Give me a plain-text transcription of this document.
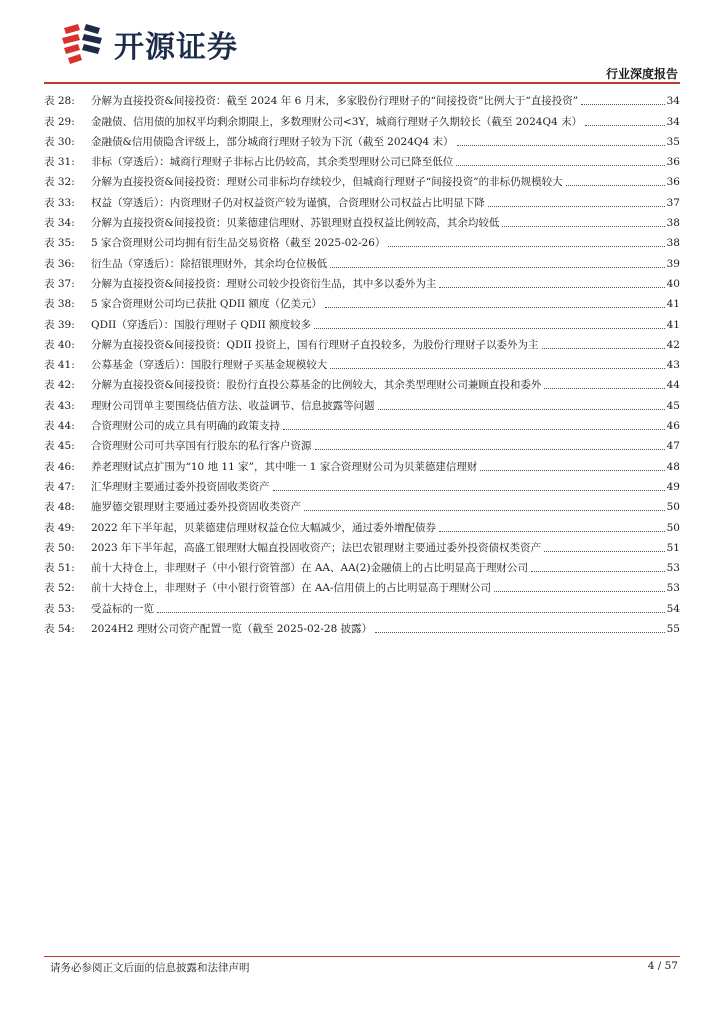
开源证券
行业深度报告
表 28:	分解为直接投资&间接投资：截至 2024 年 6 月末，多家股份行理财子的“间接投资”比例大于“直接投资”	34
表 29:	金融债、信用债的加权平均剩余期限上，多数理财公司<3Y，城商行理财子久期较长（截至 2024Q4 末）	34
表 30:	金融债&信用债隐含评级上，部分城商行理财子较为下沉（截至 2024Q4 末）	35
表 31:	非标（穿透后）：城商行理财子非标占比仍较高，其余类型理财公司已降至低位	36
表 32:	分解为直接投资&间接投资：理财公司非标均存续较少，但城商行理财子“间接投资”的非标仍规模较大	36
表 33:	权益（穿透后）：内资理财子仍对权益资产较为谨慎，合资理财公司权益占比明显下降	37
表 34:	分解为直接投资&间接投资：贝莱德建信理财、苏银理财直投权益比例较高，其余均较低	38
表 35:	5 家合资理财公司均拥有衍生品交易资格（截至 2025-02-26）	38
表 36:	衍生品（穿透后）：除招银理财外，其余均仓位极低	39
表 37:	分解为直接投资&间接投资：理财公司较少投资衍生品，其中多以委外为主	40
表 38:	5 家合资理财公司均已获批 QDII 额度（亿美元）	41
表 39:	QDII（穿透后）：国股行理财子 QDII 额度较多	41
表 40:	分解为直接投资&间接投资：QDII 投资上，国有行理财子直投较多，为股份行理财子以委外为主	42
表 41:	公募基金（穿透后）：国股行理财子买基金规模较大	43
表 42:	分解为直接投资&间接投资：股份行直投公募基金的比例较大，其余类型理财公司兼顾直投和委外	44
表 43:	理财公司罚单主要围绕估值方法、收益调节、信息披露等问题	45
表 44:	合资理财公司的成立具有明确的政策支持	46
表 45:	合资理财公司可共享国有行股东的私行客户资源	47
表 46:	养老理财试点扩围为“10 地 11 家”，其中唯一 1 家合资理财公司为贝莱德建信理财	48
表 47:	汇华理财主要通过委外投资固收类资产	49
表 48:	施罗德交银理财主要通过委外投资固收类资产	50
表 49:	2022 年下半年起，贝莱德建信理财权益仓位大幅减少，通过委外增配债券	50
表 50:	2023 年下半年起，高盛工银理财大幅直投固收资产；法巴农银理财主要通过委外投资债权类资产	51
表 51:	前十大持仓上，非理财子（中小银行资管部）在 AA、AA(2)金融债上的占比明显高于理财公司	53
表 52:	前十大持仓上，非理财子（中小银行资管部）在 AA-信用债上的占比明显高于理财公司	53
表 53:	受益标的一览	54
表 54:	2024H2 理财公司资产配置一览（截至 2025-02-28 披露）	55
请务必参阅正文后面的信息披露和法律声明	4 / 57
